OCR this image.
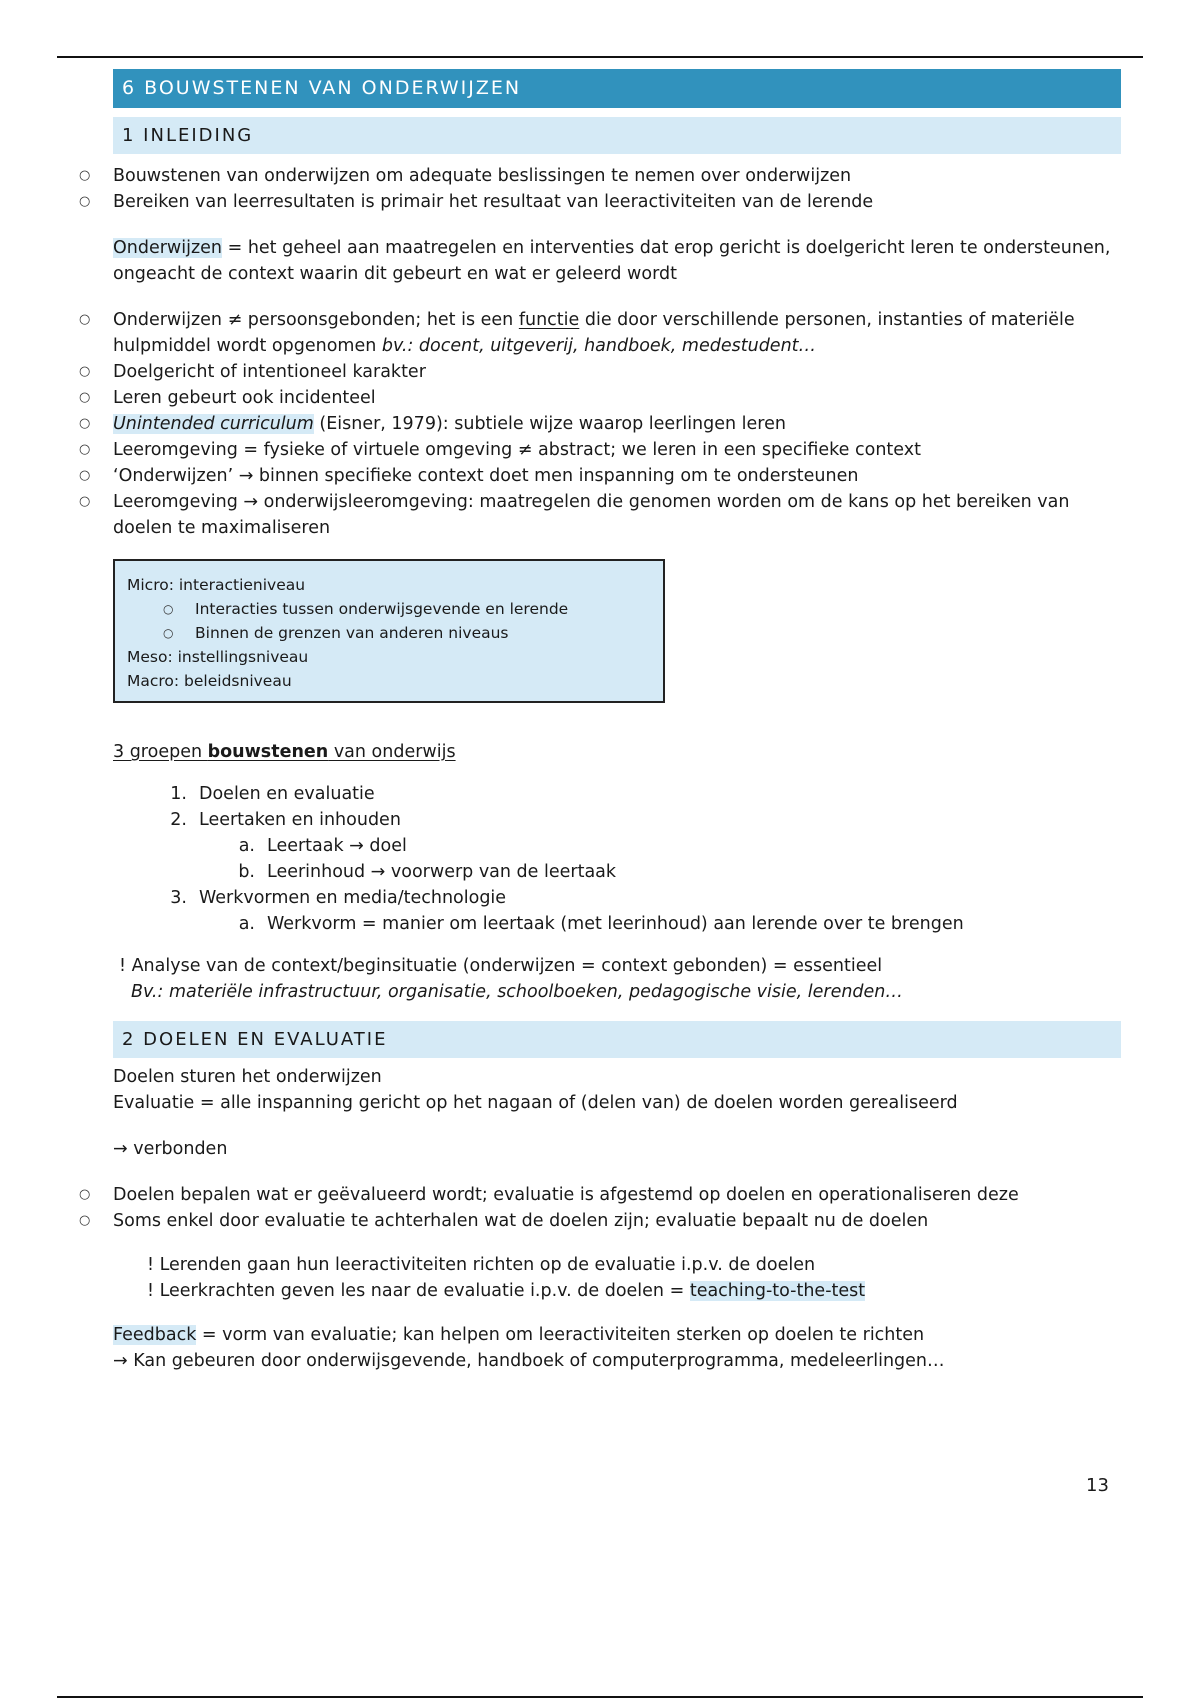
6 BOUWSTENEN VAN ONDERWIJZEN
1 INLEIDING
○ Bouwstenen van onderwijzen om adequate beslissingen te nemen over onderwijzen
○ Bereiken van leerresultaten is primair het resultaat van leeractiviteiten van de lerende

Onderwijzen = het geheel aan maatregelen en interventies dat erop gericht is doelgericht leren te ondersteunen, ongeacht de context waarin dit gebeurt en wat er geleerd wordt

○ Onderwijzen ≠ persoonsgebonden; het is een functie die door verschillende personen, instanties of materiële hulpmiddel wordt opgenomen bv.: docent, uitgeverij, handboek, medestudent…
○ Doelgericht of intentioneel karakter
○ Leren gebeurt ook incidenteel
○ Unintended curriculum (Eisner, 1979): subtiele wijze waarop leerlingen leren
○ Leeromgeving = fysieke of virtuele omgeving ≠ abstract; we leren in een specifieke context
○ ‘Onderwijzen’ → binnen specifieke context doet men inspanning om te ondersteunen
○ Leeromgeving → onderwijsleeromgeving: maatregelen die genomen worden om de kans op het bereiken van doelen te maximaliseren

Micro: interactieniveau

○ Interacties tussen onderwijsgevende en lerende
○ Binnen de grenzen van anderen niveaus

Meso: instellingsniveau

Macro: beleidsniveau

3 groepen bouwstenen van onderwijs

1. Doelen en evaluatie
2. Leertaken en inhouden
a. Leertaak → doel
b. Leerinhoud → voorwerp van de leertaak
3. Werkvormen en media/technologie
a. Werkvorm = manier om leertaak (met leerinhoud) aan lerende over te brengen

! Analyse van de context/beginsituatie (onderwijzen = context gebonden) = essentieel

Bv.: materiële infrastructuur, organisatie, schoolboeken, pedagogische visie, lerenden…

2 DOELEN EN EVALUATIE

Doelen sturen het onderwijzen

Evaluatie = alle inspanning gericht op het nagaan of (delen van) de doelen worden gerealiseerd

→ verbonden

○ Doelen bepalen wat er geëvalueerd wordt; evaluatie is afgestemd op doelen en operationaliseren deze
○ Soms enkel door evaluatie te achterhalen wat de doelen zijn; evaluatie bepaalt nu de doelen

! Lerenden gaan hun leeractiviteiten richten op de evaluatie i.p.v. de doelen

! Leerkrachten geven les naar de evaluatie i.p.v. de doelen = teaching-to-the-test

Feedback = vorm van evaluatie; kan helpen om leeractiviteiten sterken op doelen te richten

→ Kan gebeuren door onderwijsgevende, handboek of computerprogramma, medeleerlingen…

13
